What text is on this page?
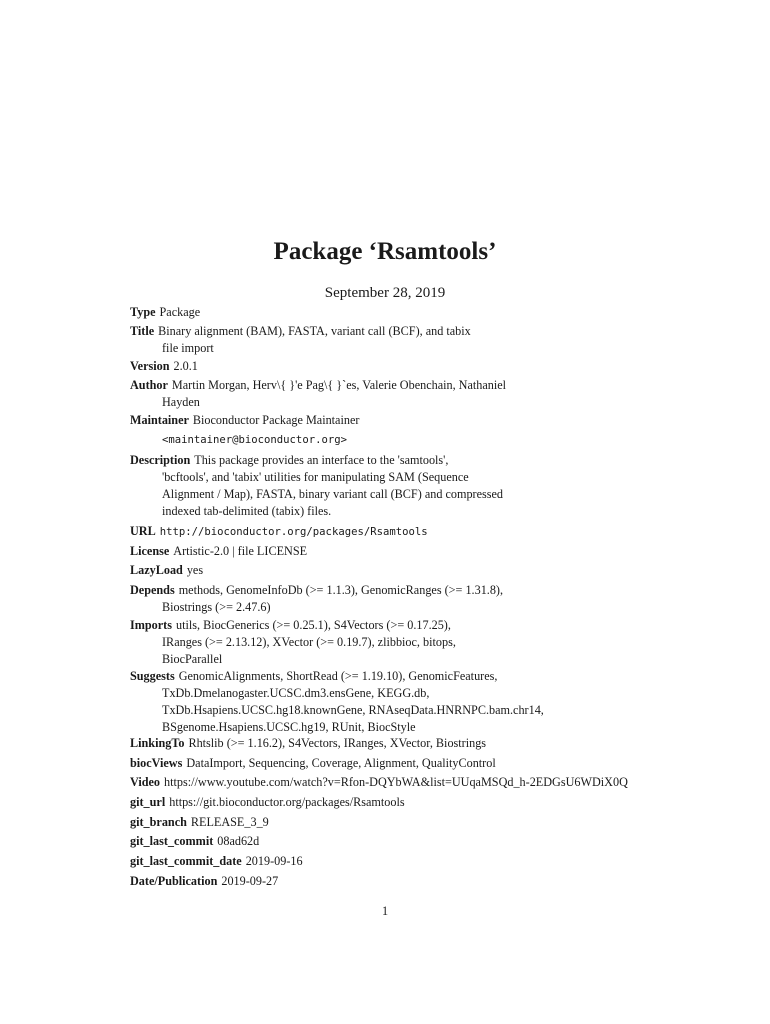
Package ‘Rsamtools’
September 28, 2019
Type Package
Title Binary alignment (BAM), FASTA, variant call (BCF), and tabix
file import
Version 2.0.1
Author Martin Morgan, Herv\{ }'e Pag\{ }`es, Valerie Obenchain, Nathaniel
Hayden
Maintainer Bioconductor Package Maintainer
<maintainer@bioconductor.org>
Description This package provides an interface to the 'samtools',
'bcftools', and 'tabix' utilities for manipulating SAM (Sequence
Alignment / Map), FASTA, binary variant call (BCF) and compressed
indexed tab-delimited (tabix) files.
URL http://bioconductor.org/packages/Rsamtools
License Artistic-2.0 | file LICENSE
LazyLoad yes
Depends methods, GenomeInfoDb (>= 1.1.3), GenomicRanges (>= 1.31.8),
Biostrings (>= 2.47.6)
Imports utils, BiocGenerics (>= 0.25.1), S4Vectors (>= 0.17.25),
IRanges (>= 2.13.12), XVector (>= 0.19.7), zlibbioc, bitops,
BiocParallel
Suggests GenomicAlignments, ShortRead (>= 1.19.10), GenomicFeatures,
TxDb.Dmelanogaster.UCSC.dm3.ensGene, KEGG.db,
TxDb.Hsapiens.UCSC.hg18.knownGene, RNAseqData.HNRNPC.bam.chr14,
BSgenome.Hsapiens.UCSC.hg19, RUnit, BiocStyle
LinkingTo Rhtslib (>= 1.16.2), S4Vectors, IRanges, XVector, Biostrings
biocViews DataImport, Sequencing, Coverage, Alignment, QualityControl
Video https://www.youtube.com/watch?v=Rfon-DQYbWA&list=UUqaMSQd_h-2EDGsU6WDiX0Q
git_url https://git.bioconductor.org/packages/Rsamtools
git_branch RELEASE_3_9
git_last_commit 08ad62d
git_last_commit_date 2019-09-16
Date/Publication 2019-09-27
1
